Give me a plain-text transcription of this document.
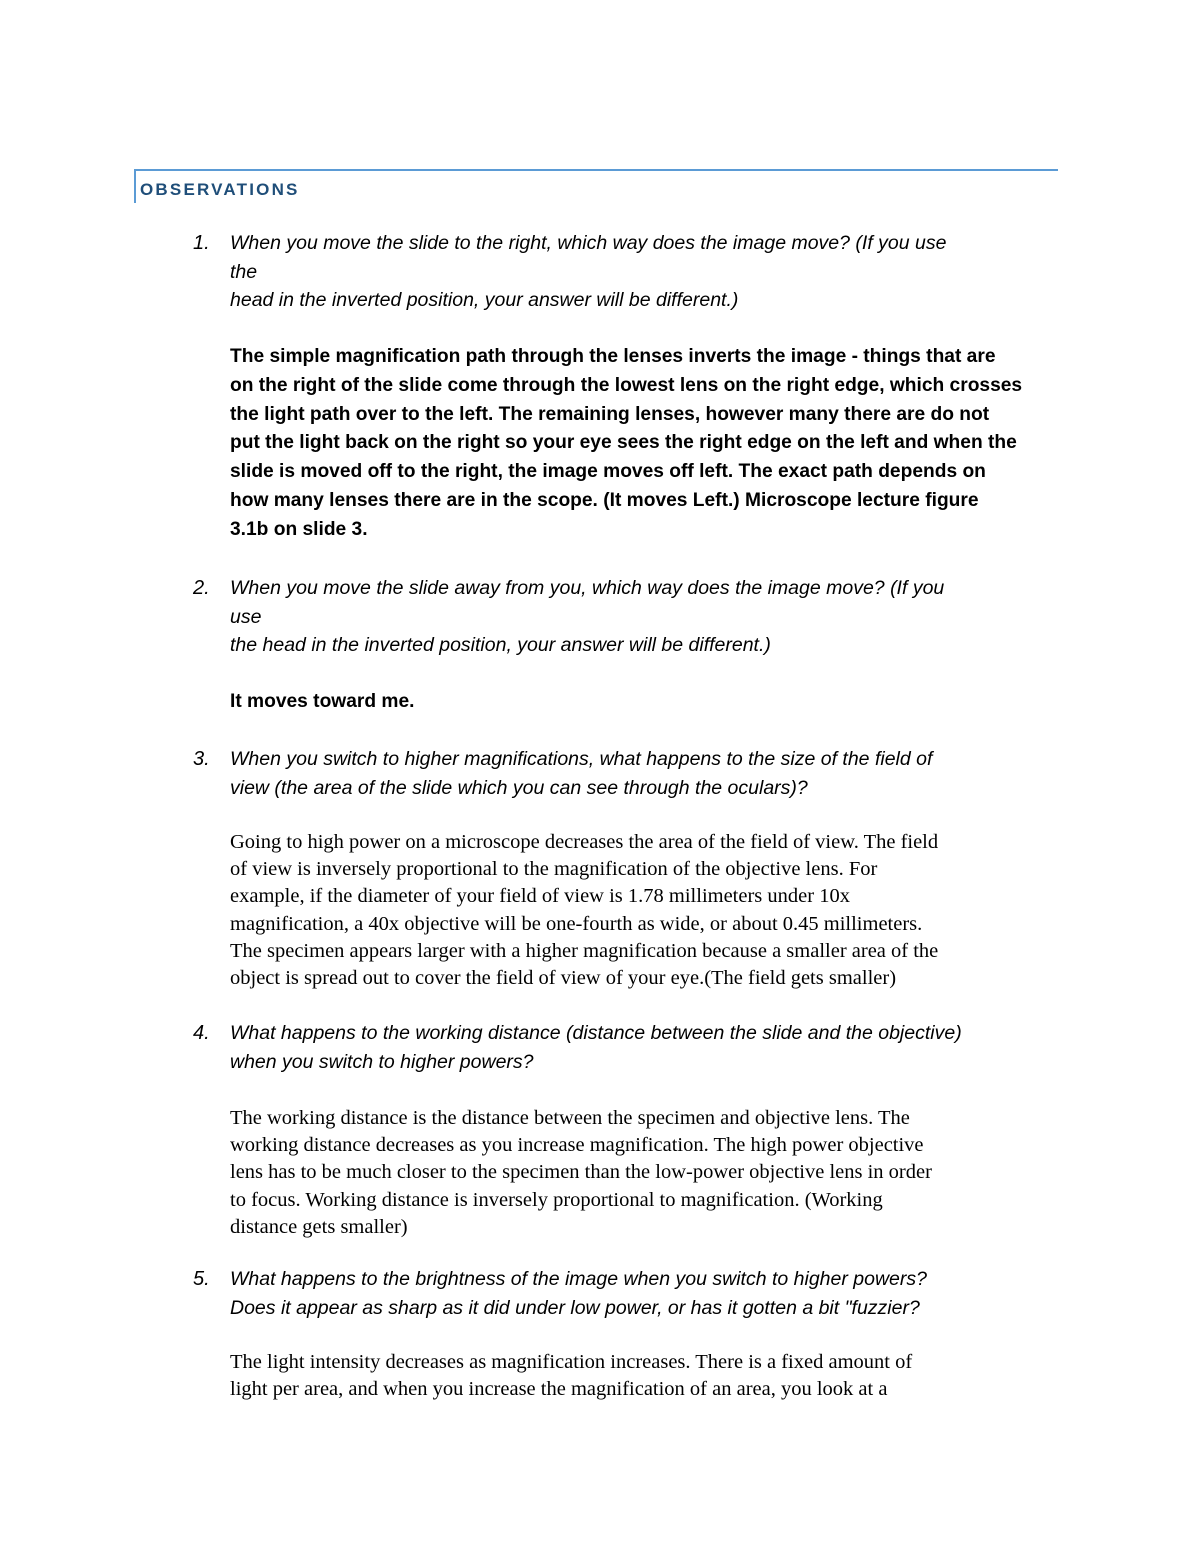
OBSERVATIONS
1.	When you move the slide to the right, which way does the image move? (If you use
the
head in the inverted position, your answer will be different.)

The simple magnification path through the lenses inverts the image - things that are
on the right of the slide come through the lowest lens on the right edge, which crosses
the light path over to the left. The remaining lenses, however many there are do not
put the light back on the right so your eye sees the right edge on the left and when the
slide is moved off to the right, the image moves off left. The exact path depends on
how many lenses there are in the scope. (It moves Left.) Microscope lecture figure
3.1b on slide 3.

2.	When you move the slide away from you, which way does the image move? (If you
use
the head in the inverted position, your answer will be different.)

It moves toward me.

3.	When you switch to higher magnifications, what happens to the size of the field of
view (the area of the slide which you can see through the oculars)?

Going to high power on a microscope decreases the area of the field of view. The field
of view is inversely proportional to the magnification of the objective lens. For
example, if the diameter of your field of view is 1.78 millimeters under 10x
magnification, a 40x objective will be one-fourth as wide, or about 0.45 millimeters.
The specimen appears larger with a higher magnification because a smaller area of the
object is spread out to cover the field of view of your eye.(The field gets smaller)

4.	What happens to the working distance (distance between the slide and the objective)
when you switch to higher powers?

The working distance is the distance between the specimen and objective lens. The
working distance decreases as you increase magnification. The high power objective
lens has to be much closer to the specimen than the low-power objective lens in order
to focus. Working distance is inversely proportional to magnification. (Working
distance gets smaller)

5.	What happens to the brightness of the image when you switch to higher powers?
Does it appear as sharp as it did under low power, or has it gotten a bit "fuzzier?

The light intensity decreases as magnification increases. There is a fixed amount of
light per area, and when you increase the magnification of an area, you look at a
